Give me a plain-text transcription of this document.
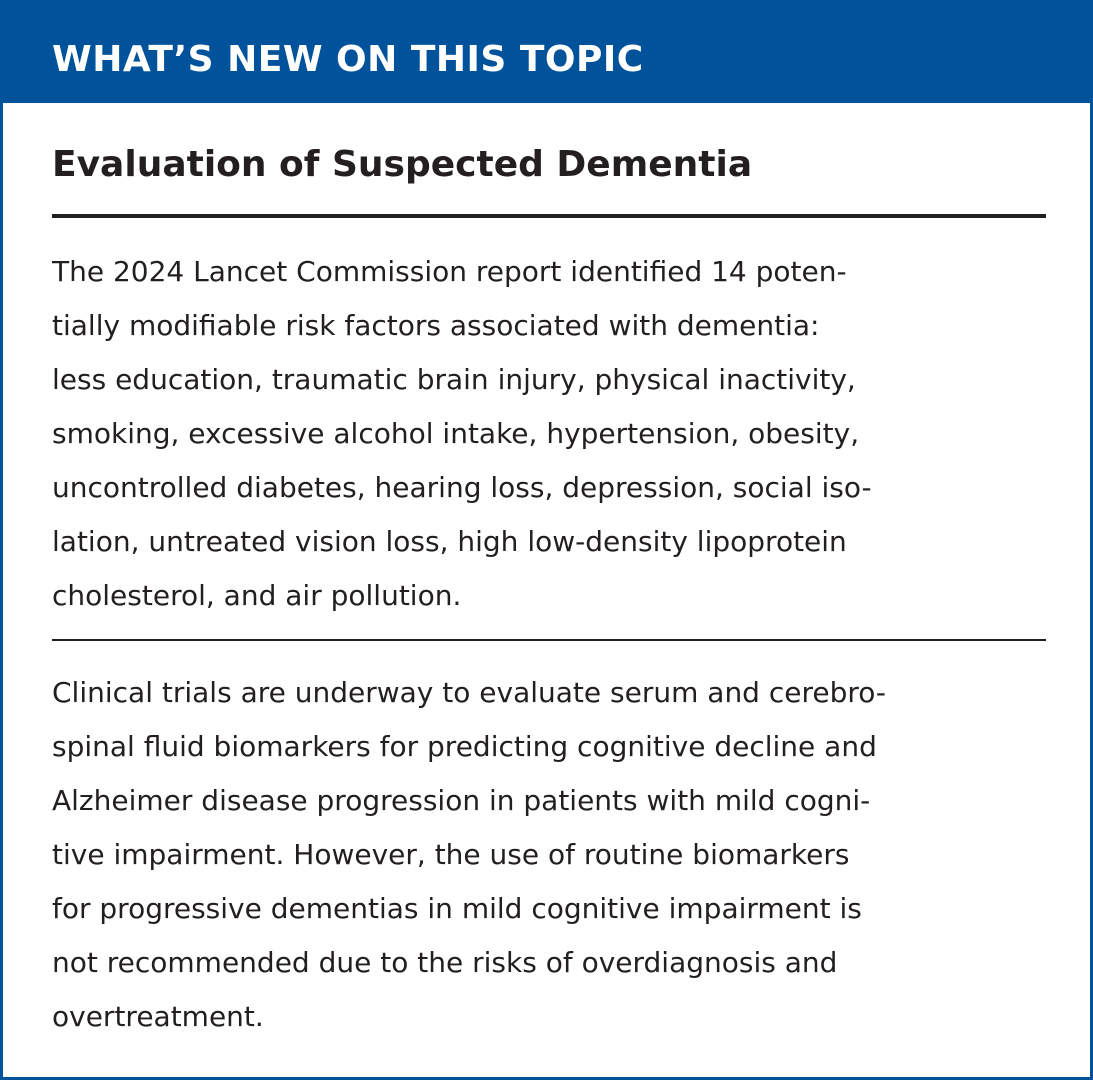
WHAT’S NEW ON THIS TOPIC
Evaluation of Suspected Dementia
The 2024 Lancet Commission report identified 14 poten-
tially modifiable risk factors associated with dementia:
less education, traumatic brain injury, physical inactivity,
smoking, excessive alcohol intake, hypertension, obesity,
uncontrolled diabetes, hearing loss, depression, social iso-
lation, untreated vision loss, high low-density lipoprotein
cholesterol, and air pollution.
Clinical trials are underway to evaluate serum and cerebro-
spinal fluid biomarkers for predicting cognitive decline and
Alzheimer disease progression in patients with mild cogni-
tive impairment. However, the use of routine biomarkers
for progressive dementias in mild cognitive impairment is
not recommended due to the risks of overdiagnosis and
overtreatment.
